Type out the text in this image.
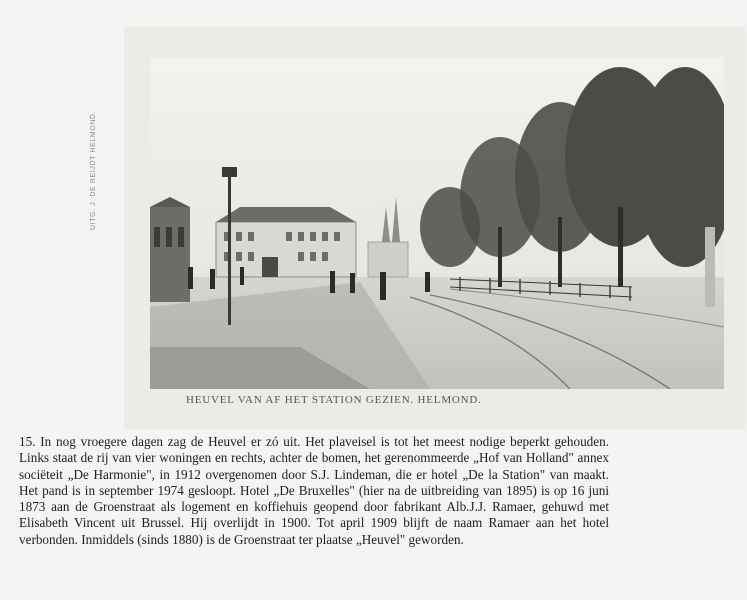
UITG. J. DE REIJDT HELMOND.
HEUVEL VAN AF HET STATION GEZIEN. HELMOND.

15. In nog vroegere dagen zag de Heuvel er zó uit. Het plaveisel is tot het meest nodige beperkt gehouden. Links staat de rij van vier woningen en rechts, achter de bomen, het gerenommeerde „Hof van Holland" annex sociëteit „De Harmonie", in 1912 overgenomen door S.J. Lindeman, die er hotel „De la Station" van maakt. Het pand is in september 1974 gesloopt. Hotel „De Bruxelles" (hier na de uitbreiding van 1895) is op 16 juni 1873 aan de Groenstraat als logement en koffiehuis geopend door fabrikant Alb.J.J. Ramaer, gehuwd met Elisabeth Vincent uit Brussel. Hij overlijdt in 1900. Tot april 1909 blijft de naam Ramaer aan het hotel verbonden. Inmiddels (sinds 1880) is de Groenstraat ter plaatse „Heuvel" geworden.
